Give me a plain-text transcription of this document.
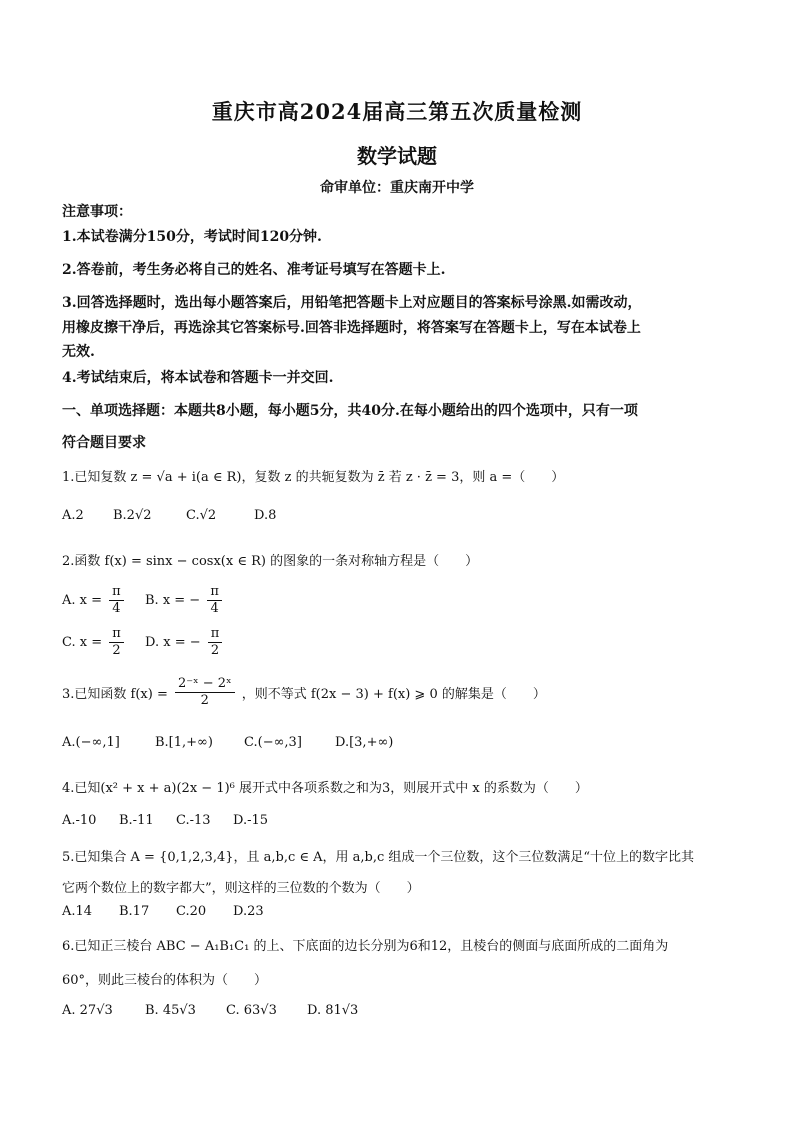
重庆市高2024届高三第五次质量检测
数学试题
命审单位：重庆南开中学
注意事项：
1.本试卷满分150分，考试时间120分钟.
2.答卷前，考生务必将自己的姓名、准考证号填写在答题卡上.
3.回答选择题时，选出每小题答案后，用铅笔把答题卡上对应题目的答案标号涂黑.如需改动，
用橡皮擦干净后，再选涂其它答案标号.回答非选择题时，将答案写在答题卡上，写在本试卷上
无效.
4.考试结束后，将本试卷和答题卡一并交回.
一、单项选择题：本题共8小题，每小题5分，共40分.在每小题给出的四个选项中，只有一项
符合题目要求
1.已知复数 z = √a + i(a ∈ R)，复数 z 的共轭复数为 z̄ 若 z · z̄ = 3，则 a =（　　）
A.2 B.2√2	C.√2	D.8
2.函数 f(x) = sinx − cosx(x ∈ R) 的图象的一条对称轴方程是（　　）
A. $x = \frac{\pi}{4} B$. x = − $\frac{\pi}{4}$
C. $x = \frac{\pi}{2} D$. x = − $\frac{\pi}{2}$
3.已知函数 $f(x) = \frac{\text{2⁻ˣ − 2ˣ}}{2}$ ，则不等式 f(2x − 3) + f(x) ⩾ 0 的解集是（　　）
A.(−∞,1]	B.[1,+∞) C.(−∞,3]	D.[3,+∞)
4.已知(x² + x + a)(2x − 1)⁶ 展开式中各项系数之和为3，则展开式中 x 的系数为（　　）
A.-10 B.-11 C.-13 D.-15
5.已知集合 A = {0,1,2,3,4}，且 a,b,c ∈ A，用 a,b,c 组成一个三位数，这个三位数满足“十位上的数字比其
它两个数位上的数字都大”，则这样的三位数的个数为（　　）
A.14 B.17 C.20 D.23
6.已知正三棱台 ABC − A₁B₁C₁ 的上、下底面的边长分别为6和12，且棱台的侧面与底面所成的二面角为
60°，则此三棱台的体积为（　　）
A. 27√3 B. 45√3 C. 63√3 D. 81√3
